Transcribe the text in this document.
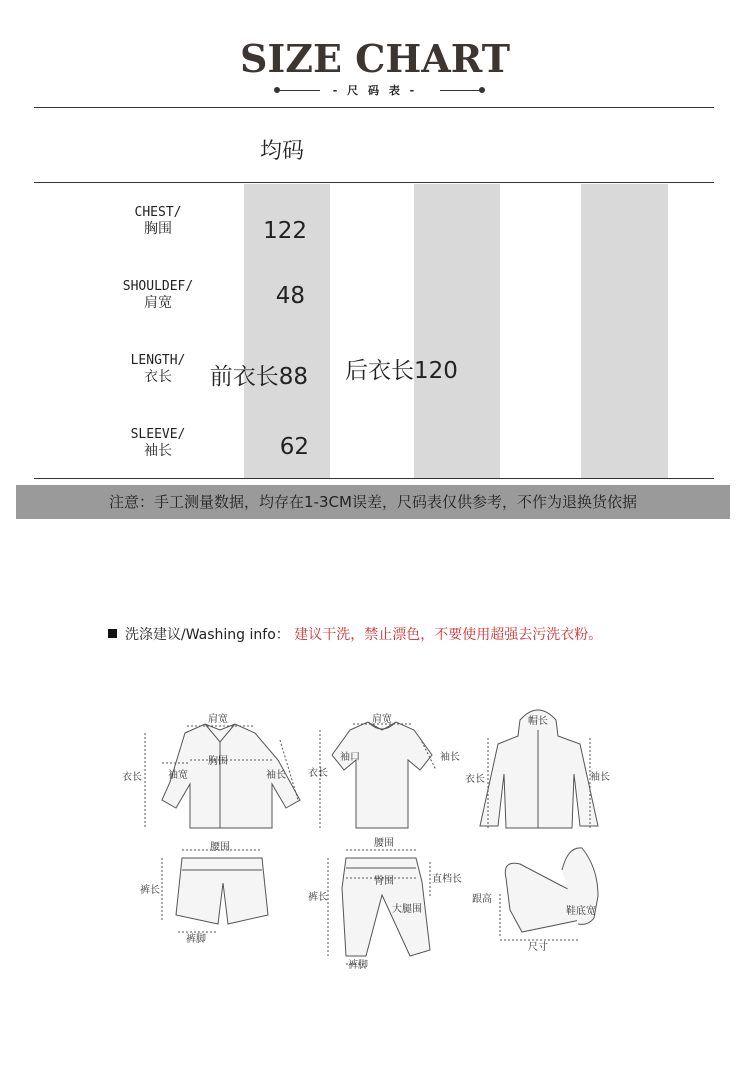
SIZE CHART
- 尺 码 表 -
均码
CHEST/
胸围	122
SHOULDEF/
肩宽	48
LENGTH/
衣长	前衣长88 后衣长120
SLEEVE/
袖长	62
注意：手工测量数据，均存在1-3CM误差，尺码表仅供参考，不作为退换货依据
洗涤建议/Washing info： 建议干洗，禁止漂色，不要使用超强去污洗衣粉。
肩宽
胸围
衣长	袖宽	袖长
肩宽
袖口
衣长
袖长
帽长
衣长	袖长
腰围
裤长
裤脚
腰围
臀围	直档长
裤长
大腿围
裤脚
跟高
鞋底宽
尺寸
